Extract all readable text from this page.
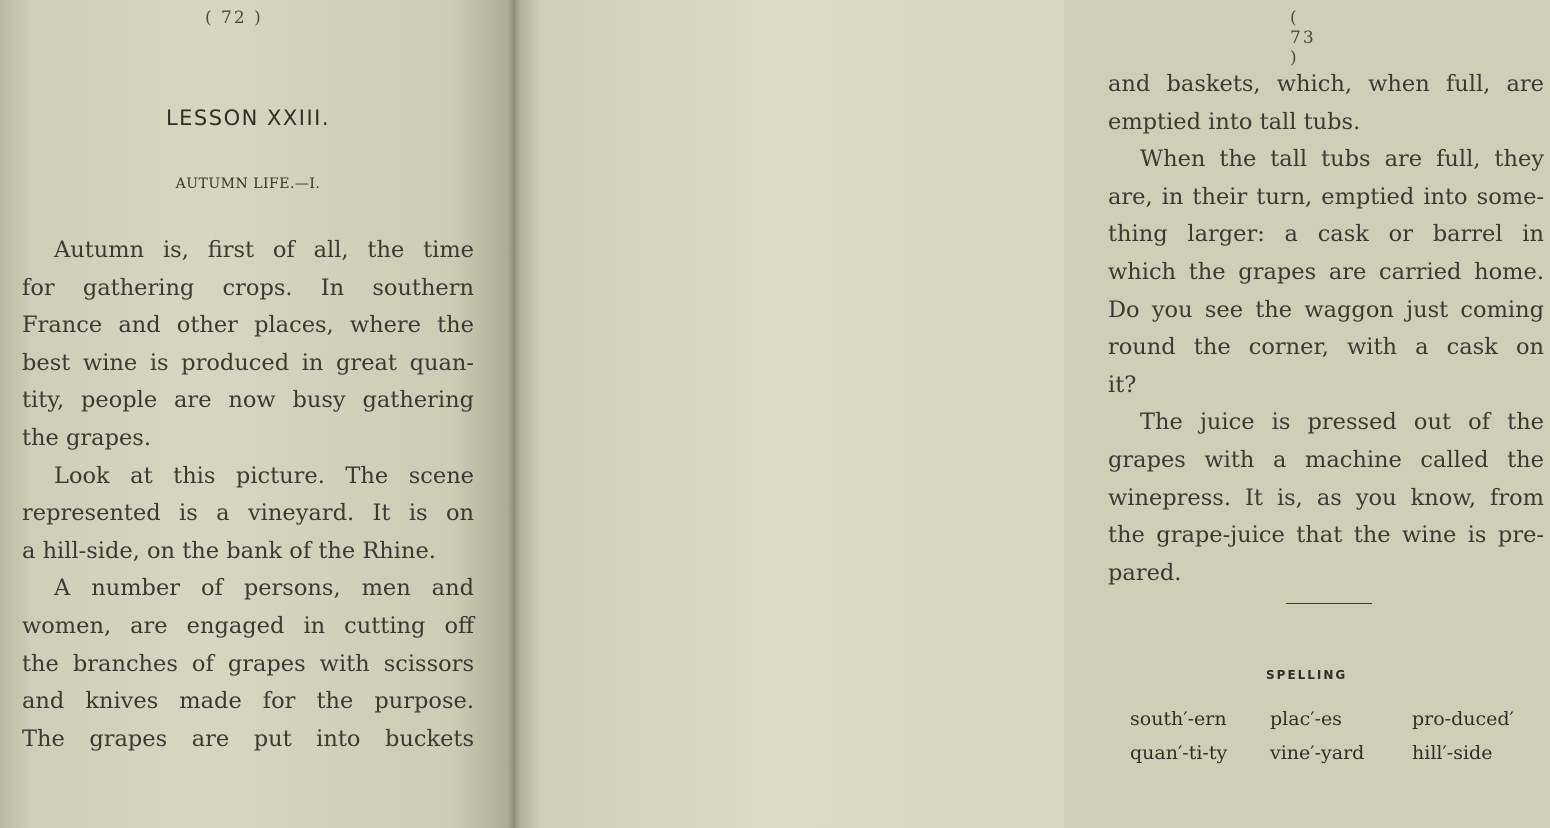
( 72 )
LESSON XXIII.
AUTUMN LIFE.—I.
Autumn is, first of all, the time
for gathering crops. In southern
France and other places, where the
best wine is produced in great quan-
tity, people are now busy gathering
the grapes.
Look at this picture. The scene
represented is a vineyard. It is on
a hill-side, on the bank of the Rhine.
A number of persons, men and
women, are engaged in cutting off
the branches of grapes with scissors
and knives made for the purpose.
The grapes are put into buckets
( 73 )
and baskets, which, when full, are
emptied into tall tubs.
When the tall tubs are full, they
are, in their turn, emptied into some-
thing larger: a cask or barrel in
which the grapes are carried home.
Do you see the waggon just coming
round the corner, with a cask on
it?
The juice is pressed out of the
grapes with a machine called the
winepress. It is, as you know, from
the grape-juice that the wine is pre-
pared.
SPELLING
south′-ern plac′-es	pro-duced′
quan′-ti-ty vine′-yard	hill′-side
